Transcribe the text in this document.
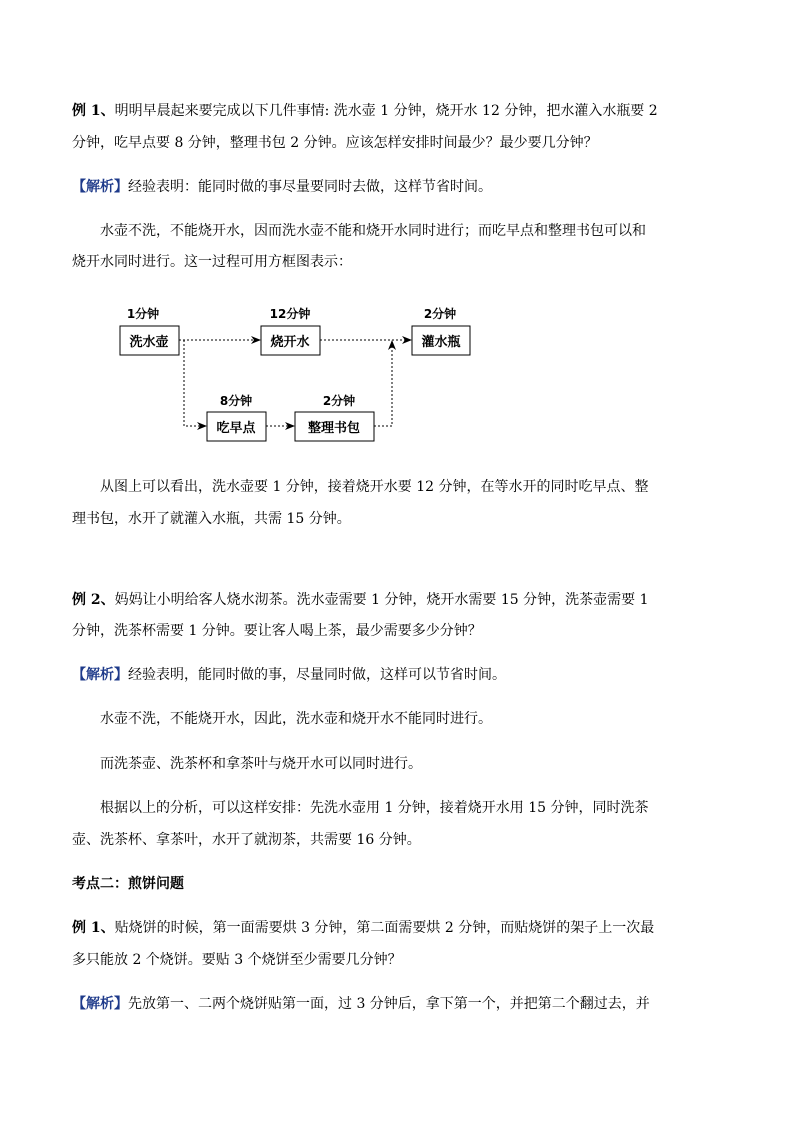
例 1、明明早晨起来要完成以下几件事情: 洗水壶 1 分钟，烧开水 12 分钟，把水灌入水瓶要 2
分钟，吃早点要 8 分钟，整理书包 2 分钟。应该怎样安排时间最少？最少要几分钟？
【解析】经验表明：能同时做的事尽量要同时去做，这样节省时间。
水壶不洗，不能烧开水，因而洗水壶不能和烧开水同时进行；而吃早点和整理书包可以和
烧开水同时进行。这一过程可用方框图表示：
1分钟	12分钟	2分钟
8分钟	2分钟
洗水壶	烧开水	灌水瓶
吃早点	整理书包
从图上可以看出，洗水壶要 1 分钟，接着烧开水要 12 分钟，在等水开的同时吃早点、整
理书包，水开了就灌入水瓶，共需 15 分钟。
例 2、妈妈让小明给客人烧水沏茶。洗水壶需要 1 分钟，烧开水需要 15 分钟，洗茶壶需要 1
分钟，洗茶杯需要 1 分钟。要让客人喝上茶，最少需要多少分钟？
【解析】经验表明，能同时做的事，尽量同时做，这样可以节省时间。
水壶不洗，不能烧开水，因此，洗水壶和烧开水不能同时进行。
而洗茶壶、洗茶杯和拿茶叶与烧开水可以同时进行。
根据以上的分析，可以这样安排：先洗水壶用 1 分钟，接着烧开水用 15 分钟，同时洗茶
壶、洗茶杯、拿茶叶，水开了就沏茶，共需要 16 分钟。
考点二：煎饼问题
例 1、贴烧饼的时候，第一面需要烘 3 分钟，第二面需要烘 2 分钟，而贴烧饼的架子上一次最
多只能放 2 个烧饼。要贴 3 个烧饼至少需要几分钟？
【解析】先放第一、二两个烧饼贴第一面，过 3 分钟后，拿下第一个，并把第二个翻过去，并
